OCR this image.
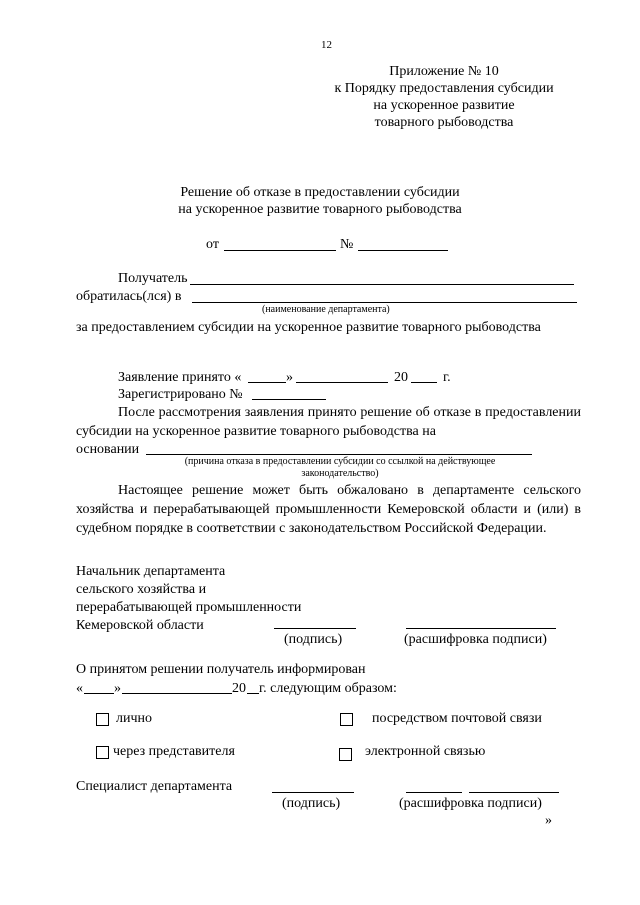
12
Приложение № 10
к Порядку предоставления субсидии
на ускоренное развитие
товарного рыбоводства
Решение об отказе в предоставлении субсидии
на ускоренное развитие товарного рыбоводства
от	№
Получатель
обратилась(лся) в
(наименование департамента)
за предоставлением субсидии на ускоренное развитие товарного рыбоводства
Заявление принято «	»	20	г.
Зарегистрировано №
После рассмотрения заявления принято решение об отказе в предоставлении субсидии на ускоренное развитие товарного рыбоводства на
основании
(причина отказа в предоставлении субсидии со ссылкой на действующее
законодательство)
Настоящее решение может быть обжаловано в департаменте сельского хозяйства и перерабатывающей промышленности Кемеровской области и (или) в судебном порядке в соответствии с законодательством Российской Федерации.
Начальник департамента
сельского хозяйства и
перерабатывающей промышленности
Кемеровской области
(подпись)	(расшифровка подписи)
О принятом решении получатель информирован
« »	20 г. следующим образом:
лично	посредством почтовой связи
через представителя	электронной связью
Специалист департамента
(подпись)	(расшифровка подписи)
»
